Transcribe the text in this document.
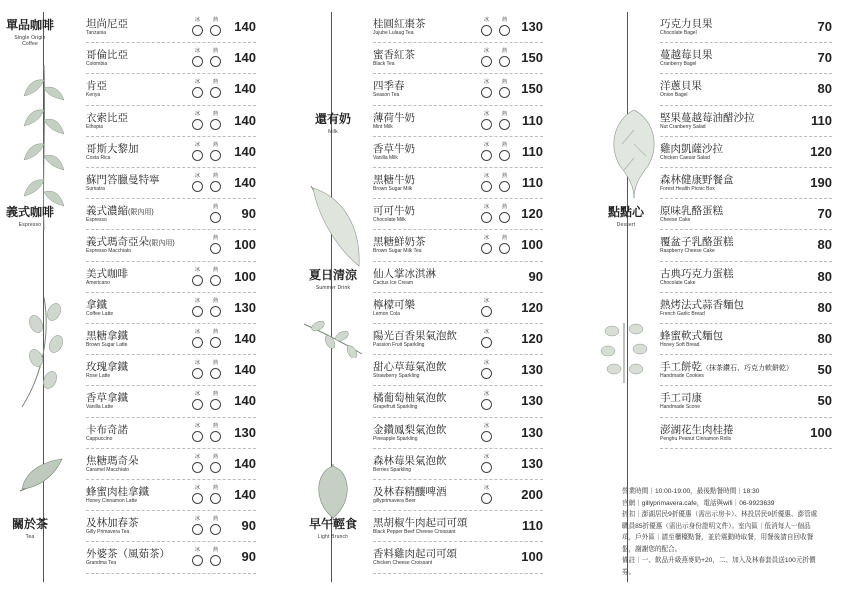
坦尚尼亞
Tanzania
冰	熱 140
哥倫比亞
Colombia
冰	熱 140
肯亞
Kenya
冰	熱 140
衣索比亞
Ethopia
冰	熱 140
哥斯大黎加
Costa Rica
冰	熱 140
蘇門答臘曼特寧
Sumatra
冰	熱 140
義式濃縮(限內用)
Espresso
熱 90
義式瑪奇亞朵(限內用)
Espresso Macchiato
熱 100
美式咖啡
Americano
冰	熱 100
拿鐵
Coffee Latte
冰	熱 130
黑糖拿鐵
Brown Sugar Latte
冰	熱 140
玫瑰拿鐵
Rose Latte
冰	熱 140
香草拿鐵
Vanilla Latte
冰	熱 140
卡布奇諾
Cappuccino
冰	熱 130
焦糖瑪奇朵
Caramel Macchiato
冰	熱 140
蜂蜜肉桂拿鐵
Honey Cinnamon Latte
冰	熱 140
及林加春茶
Gilly Primavera Tea
冰	熱 90
外婆茶（風茹茶）
Grandma Tea
冰	熱 90
桂圓紅棗茶
Jujube Lulaug Tea
冰	熱 130
蜜香紅茶
Black Tea
冰	熱 150
四季春
Season Tea
冰	熱 150
薄荷牛奶
Mint Milk
冰	熱 110
香草牛奶
Vanilla Milk
冰	熱 110
黑糖牛奶
Brown Sugar Milk
冰	熱 110
可可牛奶
Chocolate Milk
冰	熱 120
黑糖鮮奶茶
Brown Sugar Milk Tea
冰	熱 100
仙人掌冰淇淋
Cactus Ice Cream	90
檸檬可樂
Lemon Cola
冰 120
陽光百香果氣泡飲
Passion Fruit Sparkling
冰 120
甜心草莓氣泡飲
Strawberry Sparkling
冰 130
橘葡萄柚氣泡飲
Grapefruit Sparkling
冰 130
金鑽鳳梨氣泡飲
Pineapple Sparkling
冰 130
森林莓果氣泡飲
Berries Sparkling
冰 130
及林春精釀啤酒
gillyprimavera Beer
冰 200
黑胡椒牛肉起司可頌
Black Pepper Beef Cheese Croissant	110
香料雞肉起司可頌
Chicken Cheese Croissant	100
巧克力貝果
Chocolate Bagel	70
蔓越莓貝果
Cranberry Bagel	70
洋蔥貝果
Onion Bagel	80
堅果蔓越莓油醋沙拉
Nut Cranberry Salad	110
雞肉凱薩沙拉
Chicken Caesar Salad	120
森林健康野餐盒
Forest Health Picnic Box	190
原味乳酪蛋糕
Cheese Cake	70
覆盆子乳酪蛋糕
Raspberry Cheese Cake	80
古典巧克力蛋糕
Chocolate Cake	80
熱烤法式蒜香麵包
French Garlic Bread	80
蜂蜜軟式麵包
Honey Soft Bread	80
手工餅乾（抹茶鑽石、巧克力軟餅乾）
Handmade Cookies	50
手工司康
Handmade Scone	50
澎湖花生肉桂捲
Penghu Peanut Cinnamon Rolls	100
單品咖啡
Single Origin Coffee
義式咖啡
Espresso
關於茶
Tea
還有奶
Milk
夏日清涼
Summer Drink
早午輕食
Light Brunch
點點心
Dessert
營業時間｜10:00-19:00，最後點餐時間｜18:30
官網｜gillyprimavera.cafe，電話與wifi｜06-9923639
折扣｜澎湖居民9折優惠（需出示房卡）、林投居民9折優惠、澎管處
職員85折優惠（需出示身份證明文件）。室內區｜低消每人一個品
項，戶外區｜請至櫃檯點餐，並於震動時取餐，用餐後請自回收餐
盤，謝謝您的配合。
備註｜一、飲品升級燕麥奶+20，二、加入及林春套員送100元折價
券。
